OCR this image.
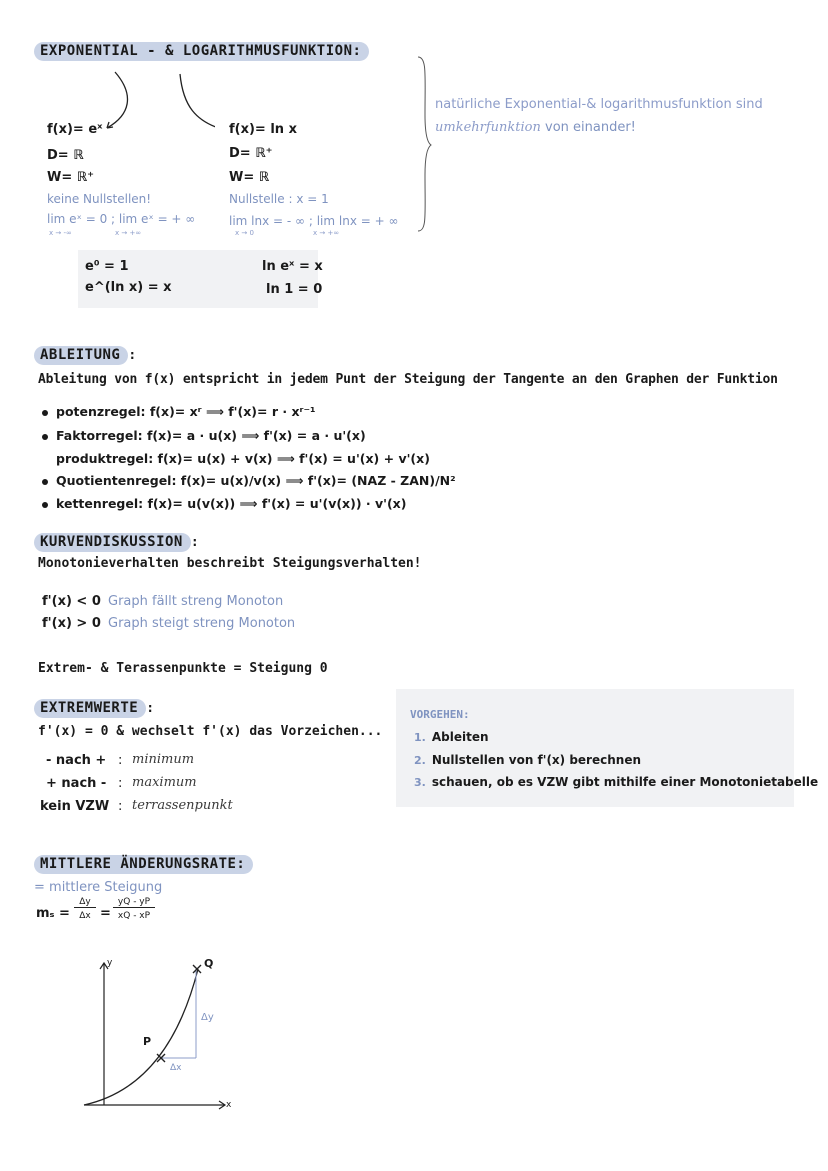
EXPONENTIAL - & LOGARITHMUSFUNKTION:
natürliche Exponential-& logarithmusfunktion sind
umkehrfunktion von einander!
f(x)= eˣ
D= ℝ
W= ℝ⁺
keine Nullstellen!
lim eˣ = 0 ; lim eˣ = + ∞
x → -∞	x → +∞
f(x)= ln x
D= ℝ⁺
W= ℝ
Nullstelle : x = 1
lim lnx = - ∞ ; lim lnx = + ∞
x → 0	x → +∞
e⁰ = 1
e^(ln x) = x
ln eˣ = x
ln 1 = 0
ABLEITUNG :
Ableitung von f(x) entspricht in jedem Punt der Steigung der Tangente an den Graphen der Funktion
potenzregel: f(x)= xʳ ⟹ f'(x)= r · xʳ⁻¹
Faktorregel: f(x)= a · u(x) ⟹ f'(x) = a · u'(x)
produktregel: f(x)= u(x) + v(x) ⟹ f'(x) = u'(x) + v'(x)
Quotientenregel: f(x)= u(x)/v(x) ⟹ f'(x)= (NAZ - ZAN)/N²
kettenregel: f(x)= u(v(x)) ⟹ f'(x) = u'(v(x)) · v'(x)
KURVENDISKUSSION :
Monotonieverhalten beschreibt Steigungsverhalten!
f'(x) < 0 Graph fällt streng Monoton
f'(x) > 0 Graph steigt streng Monoton
Extrem- & Terassenpunkte = Steigung 0
EXTREMWERTE :
f'(x) = 0 & wechselt f'(x) das Vorzeichen...
- nach + : minimum
+ nach - : maximum
kein VZW : terrassenpunkt
VORGEHEN:
1. Ableiten
2. Nullstellen von f'(x) berechnen
3. schauen, ob es VZW gibt mithilfe einer Monotonietabelle
MITTLERE ÄNDERUNGSRATE:
= mittlere Steigung
mₛ =
Δy
Δx =
yQ - yP
xQ - xP
y
x
P
Q
Δy
Δx
